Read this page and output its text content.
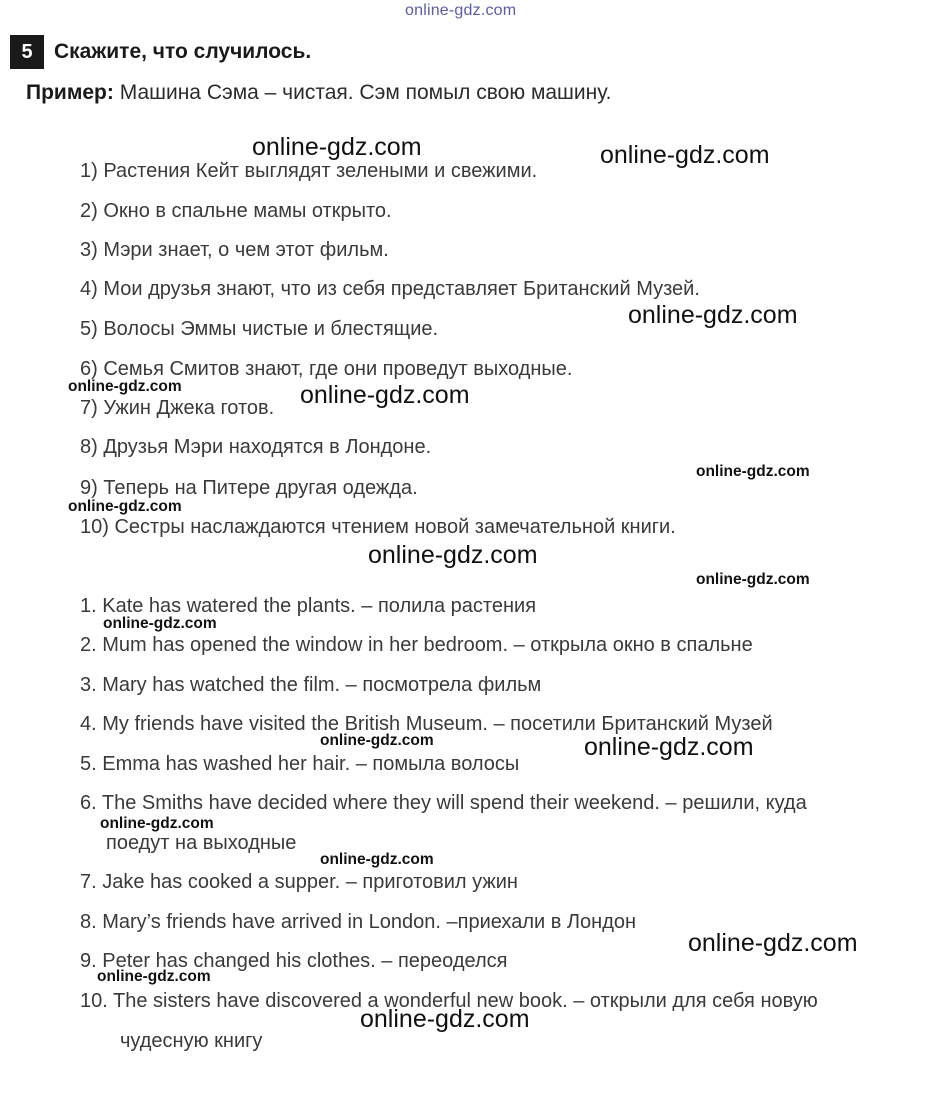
online-gdz.com
5	Скажите, что случилось.
Пример: Машина Сэма – чистая. Сэм помыл свою машину.
1) Растения Кейт выглядят зелеными и свежими.
2) Окно в спальне мамы открыто.
3) Мэри знает, о чем этот фильм.
4) Мои друзья знают, что из себя представляет Британский Музей.
5) Волосы Эммы чистые и блестящие.
6) Семья Смитов знают, где они проведут выходные.
7) Ужин Джека готов.
8) Друзья Мэри находятся в Лондоне.
9) Теперь на Питере другая одежда.
10) Сестры наслаждаются чтением новой замечательной книги.
1. Kate has watered the plants. – полила растения
2. Mum has opened the window in her bedroom. – открыла окно в спальне
3. Mary has watched the film. – посмотрела фильм
4. My friends have visited the British Museum. – посетили Британский Музей
5. Emma has washed her hair. – помыла волосы
6. The Smiths have decided where they will spend their weekend. – решили, куда
поедут на выходные
7. Jake has cooked a supper. – приготовил ужин
8. Mary’s friends have arrived in London. –приехали в Лондон
9. Peter has changed his clothes. – переоделся
10. The sisters have discovered a wonderful new book. – открыли для себя новую
чудесную книгу
online-gdz.com	online-gdz.com
online-gdz.com
online-gdz.com	online-gdz.com
online-gdz.com
online-gdz.com
online-gdz.com
online-gdz.com
online-gdz.com
online-gdz.com	online-gdz.com
online-gdz.com
online-gdz.com
online-gdz.com
online-gdz.com
online-gdz.com
